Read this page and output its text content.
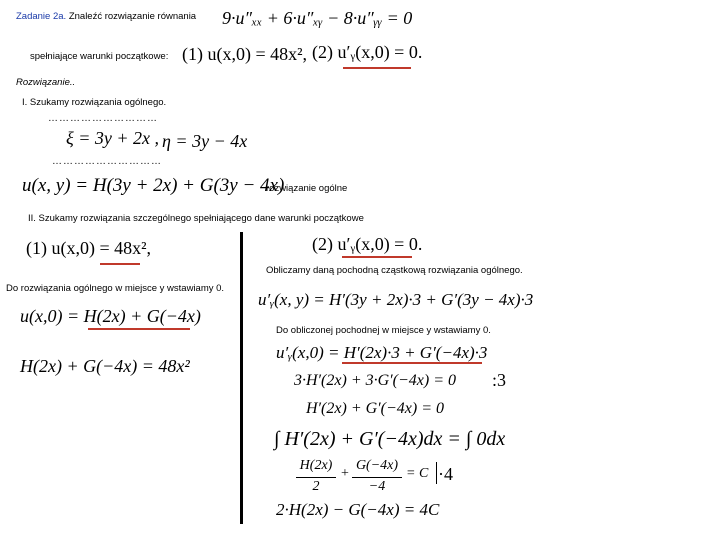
Zadanie 2a. Znaleźć rozwiązanie równania 9·u″ₓₓ + 6·u″ₓᵧ − 8·u″ᵧᵧ = 0
spełniające warunki początkowe: (1) u(x,0) = 48x², (2) u′ᵧ(x,0) = 0.
Rozwiązanie..
I. Szukamy rozwiązania ogólnego.
…………………………
ξ = 3y + 2x , η = 3y − 4x
…………………………
u(x, y) = H(3y + 2x) + G(3y − 4x)
rozwiązanie ogólne
II. Szukamy rozwiązania szczególnego spełniającego dane warunki początkowe
(1) u(x,0) = 48x²,
Do rozwiązania ogólnego w miejsce y wstawiamy 0.
u(x,0) = H(2x) + G(−4x)
H(2x) + G(−4x) = 48x²
(2) u′ᵧ(x,0) = 0.
Obliczamy daną pochodną cząstkową rozwiązania ogólnego.
u′ᵧ(x, y) = H′(3y + 2x)·3 + G′(3y − 4x)·3
Do obliczonej pochodnej w miejsce y wstawiamy 0.
u′ᵧ(x,0) = H′(2x)·3 + G′(−4x)·3
3·H′(2x) + 3·G′(−4x) = 0 :3
H′(2x) + G′(−4x) = 0
∫ H′(2x) + G′(−4x)dx = ∫ 0dx
H(2x)
2
+
G(−4x)
−4
= C ·4
2·H(2x) − G(−4x) = 4C
